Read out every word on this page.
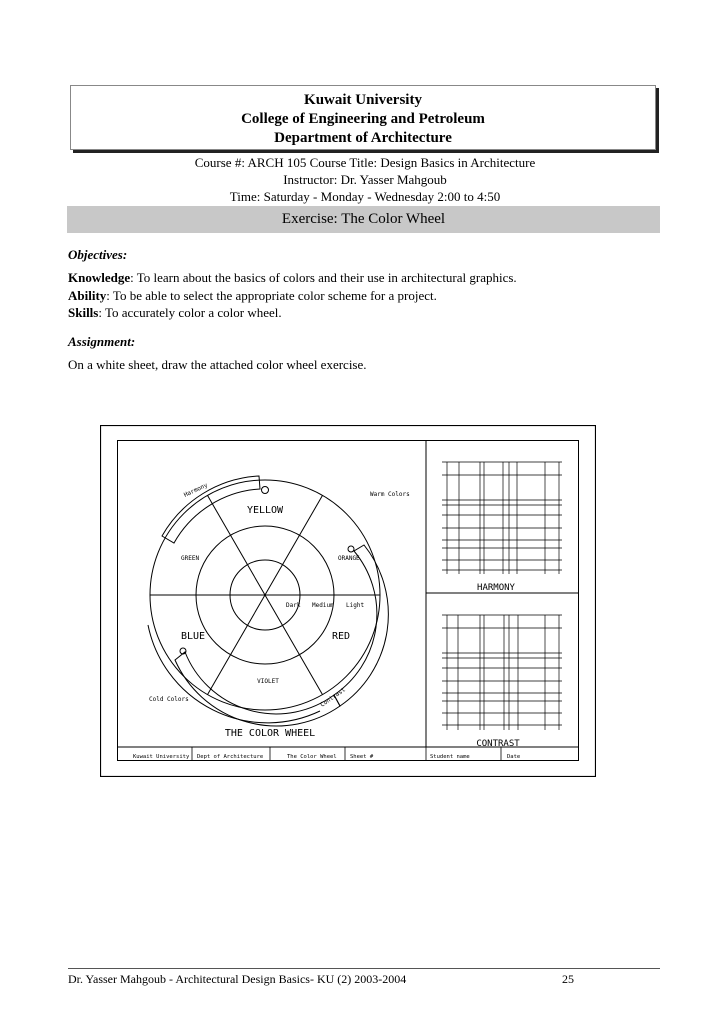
Kuwait University
College of Engineering and Petroleum
Department of Architecture
Course #: ARCH 105 Course Title: Design Basics in Architecture
Instructor: Dr. Yasser Mahgoub
Time: Saturday - Monday - Wednesday 2:00 to 4:50
Exercise: The Color Wheel
Objectives:
Knowledge: To learn about the basics of colors and their use in architectural graphics.
Ability: To be able to select the appropriate color scheme for a project.
Skills: To accurately color a color wheel.
Assignment:
On a white sheet, draw the attached color wheel exercise.
YELLOW
ORANGE
RED
VIOLET
BLUE
GREEN
Dark Medium Light
Harmony
Contrast
Warm Colors
Cold Colors
THE COLOR WHEEL
HARMONY
CONTRAST
Kuwait University Dept of Architecture	The Color Wheel Sheet #	Student name	Date
Dr. Yasser Mahgoub - Architectural Design Basics- KU (2) 2003-2004	25
